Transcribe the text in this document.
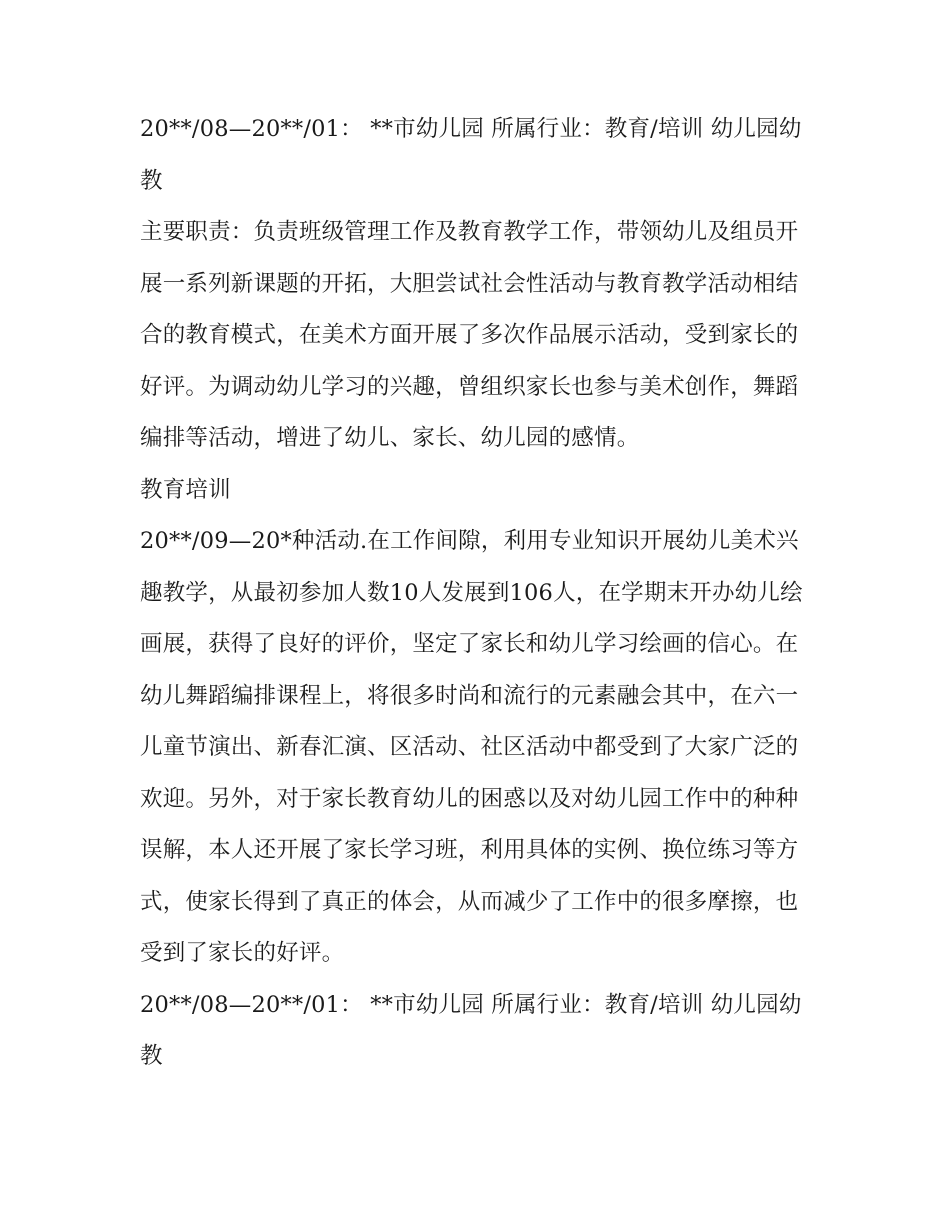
20**/08—20**/01： **市幼儿园 所属行业：教育/培训 幼儿园幼教

主要职责：负责班级管理工作及教育教学工作，带领幼儿及组员开展一系列新课题的开拓，大胆尝试社会性活动与教育教学活动相结合的教育模式，在美术方面开展了多次作品展示活动，受到家长的好评。为调动幼儿学习的兴趣，曾组织家长也参与美术创作，舞蹈编排等活动，增进了幼儿、家长、幼儿园的感情。

教育培训

20**/09—20*种活动.在工作间隙，利用专业知识开展幼儿美术兴趣教学，从最初参加人数10人发展到106人，在学期末开办幼儿绘画展，获得了良好的评价，坚定了家长和幼儿学习绘画的信心。在幼儿舞蹈编排课程上，将很多时尚和流行的元素融会其中，在六一儿童节演出、新春汇演、区活动、社区活动中都受到了大家广泛的欢迎。另外，对于家长教育幼儿的困惑以及对幼儿园工作中的种种误解，本人还开展了家长学习班，利用具体的实例、换位练习等方式，使家长得到了真正的体会，从而减少了工作中的很多摩擦，也受到了家长的好评。

20**/08—20**/01： **市幼儿园 所属行业：教育/培训 幼儿园幼教
